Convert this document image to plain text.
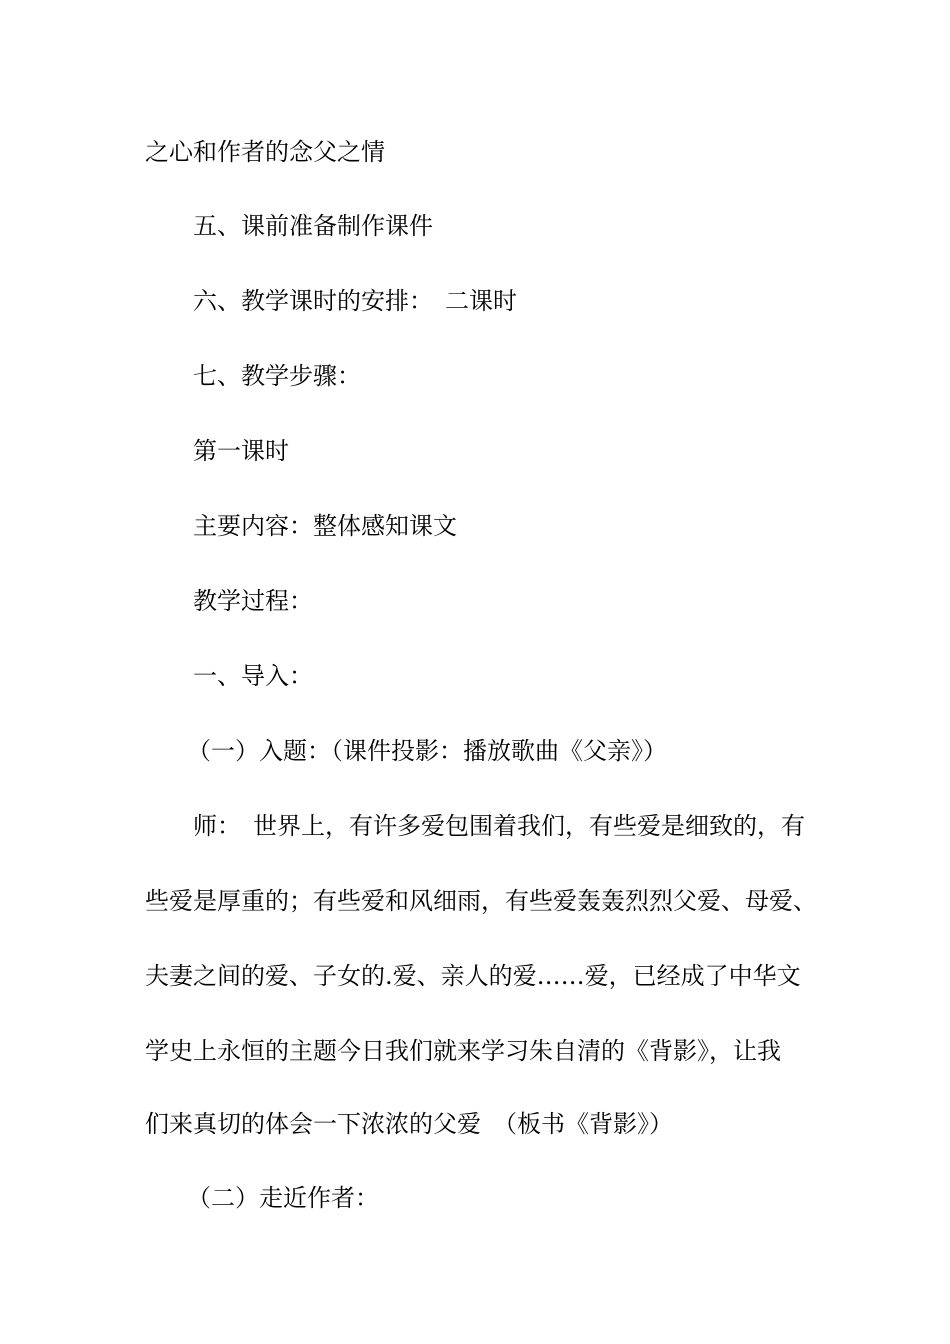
之心和作者的念父之情
五、课前准备制作课件
六、教学课时的安排：　二课时
七、教学步骤：
第一课时
主要内容：整体感知课文
教学过程：
一、导入：
（一）入题：（课件投影：播放歌曲《父亲》）
师：　世界上，有许多爱包围着我们，有些爱是细致的，有
些爱是厚重的；有些爱和风细雨，有些爱轰轰烈烈父爱、母爱、
夫妻之间的爱、子女的.爱、亲人的爱……爱，已经成了中华文
学史上永恒的主题今日我们就来学习朱自清的《背影》，让我
们来真切的体会一下浓浓的父爱　（板书《背影》）
（二）走近作者：
